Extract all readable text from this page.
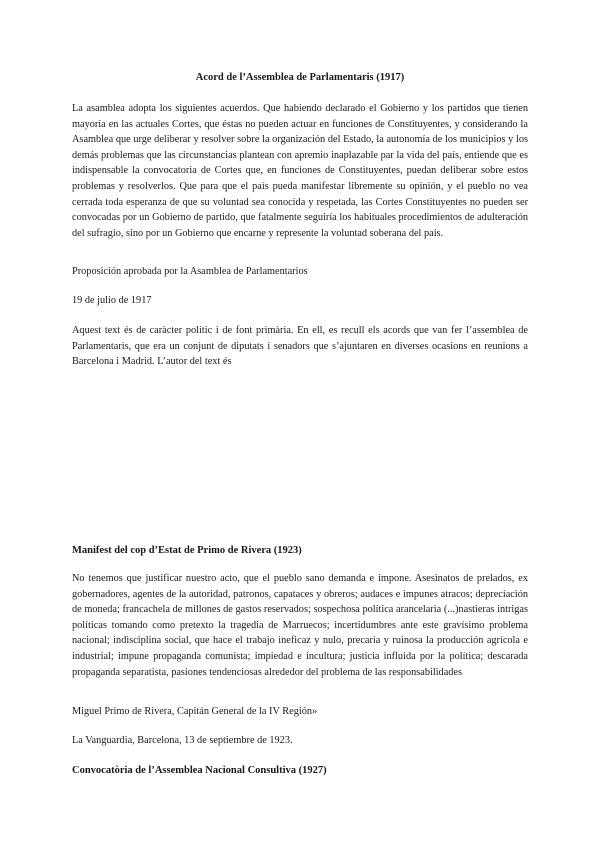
Acord de l’Assemblea de Parlamentaris (1917)

La asamblea adopta los siguientes acuerdos. Que habiendo declarado el Gobierno y los partidos que tienen mayoría en las actuales Cortes, que éstas no pueden actuar en funciones de Constituyentes, y considerando la Asamblea que urge deliberar y resolver sobre la organización del Estado, la autonomía de los municipios y los demás problemas que las circunstancias plantean con apremio inaplazable par la vida del país, entiende que es indispensable la convocatoria de Cortes que, en funciones de Constituyentes, puedan deliberar sobre estos problemas y resolverlos. Que para que el país pueda manifestar libremente su opinión, y el pueblo no vea cerrada toda esperanza de que su voluntad sea conocida y respetada, las Cortes Constituyentes no pueden ser convocadas por un Gobierno de partido, que fatalmente seguiría los habituales procedimientos de adulteración del sufragio, sino por un Gobierno que encarne y represente la voluntad soberana del país.

Proposición aprobada por la Asamblea de Parlamentarios

19 de julio de 1917

Aquest text és de caràcter polític i de font primària. En ell, es recull els acords que van fer l’assemblea de Parlamentaris, que era un conjunt de diputats i senadors que s’ajuntaren en diverses ocasions en reunions a Barcelona i Madrid. L’autor del text és

Manifest del cop d’Estat de Primo de Rivera (1923)

No tenemos que justificar nuestro acto, que el pueblo sano demanda e impone. Asesinatos de prelados, ex gobernadores, agentes de la autoridad, patronos, capataces y obreros; audaces e impunes atracos; depreciación de moneda; francachela de millones de gastos reservados; sospechosa política arancelaria (...)nastieras intrigas políticas tomando como pretexto la tragedia de Marruecos; incertidumbres ante este gravísimo problema nacional; indisciplina social, que hace el trabajo ineficaz y nulo, precaria y ruinosa la producción agrícola e industrial; impune propaganda comunista; impiedad e incultura; justicia influida por la política; descarada propaganda separatista, pasiones tendenciosas alrededor del problema de las responsabilidades

Miguel Primo de Rivera, Capitán General de la IV Región»

La Vanguardia, Barcelona, 13 de septiembre de 1923.

Convocatòria de l’Assemblea Nacional Consultiva (1927)
